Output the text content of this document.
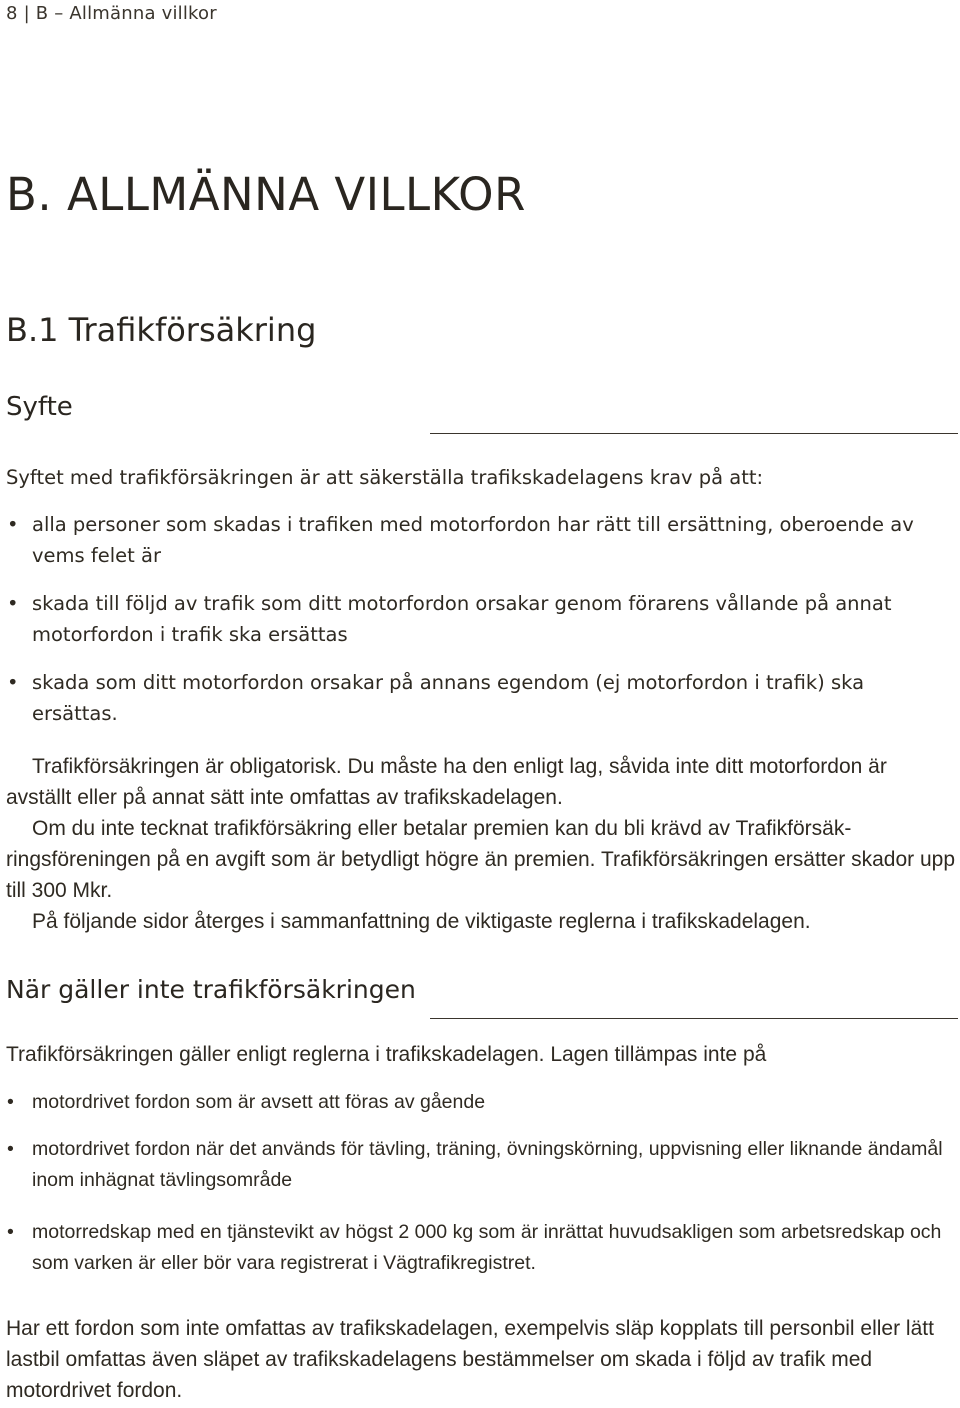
8 | B – Allmänna villkor
B. ALLMÄNNA VILLKOR
B.1 Trafikförsäkring
Syfte

Syftet med trafikförsäkringen är att säkerställa trafikskadelagens krav på att:

• alla personer som skadas i trafiken med motorfordon har rätt till ersättning, oberoende av vems felet är
• skada till följd av trafik som ditt motorfordon orsakar genom förarens vållande på annat motorfordon i trafik ska ersättas
• skada som ditt motorfordon orsakar på annans egendom (ej motorfordon i trafik) ska ersättas.

Trafikförsäkringen är obligatorisk. Du måste ha den enligt lag, såvida inte ditt motorfordon är avställt eller på annat sätt inte omfattas av trafikskadelagen.

Om du inte tecknat trafikförsäkring eller betalar premien kan du bli krävd av Trafikförsäkringsföreningen på en avgift som är betydligt högre än premien. Trafikförsäkringen ersätter skador upp till 300 Mkr.

På följande sidor återges i sammanfattning de viktigaste reglerna i trafikskadelagen.

När gäller inte trafikförsäkringen

Trafikförsäkringen gäller enligt reglerna i trafikskadelagen. Lagen tillämpas inte på

• motordrivet fordon som är avsett att föras av gående
• motordrivet fordon när det används för tävling, träning, övningskörning, uppvisning eller liknande ändamål inom inhägnat tävlingsområde
• motorredskap med en tjänstevikt av högst 2 000 kg som är inrättat huvudsakligen som arbetsredskap och som varken är eller bör vara registrerat i Vägtrafikregistret.

Har ett fordon som inte omfattas av trafikskadelagen, exempelvis släp kopplats till personbil eller lätt lastbil omfattas även släpet av trafikskadelagens bestämmelser om skada i följd av trafik med motordrivet fordon.
